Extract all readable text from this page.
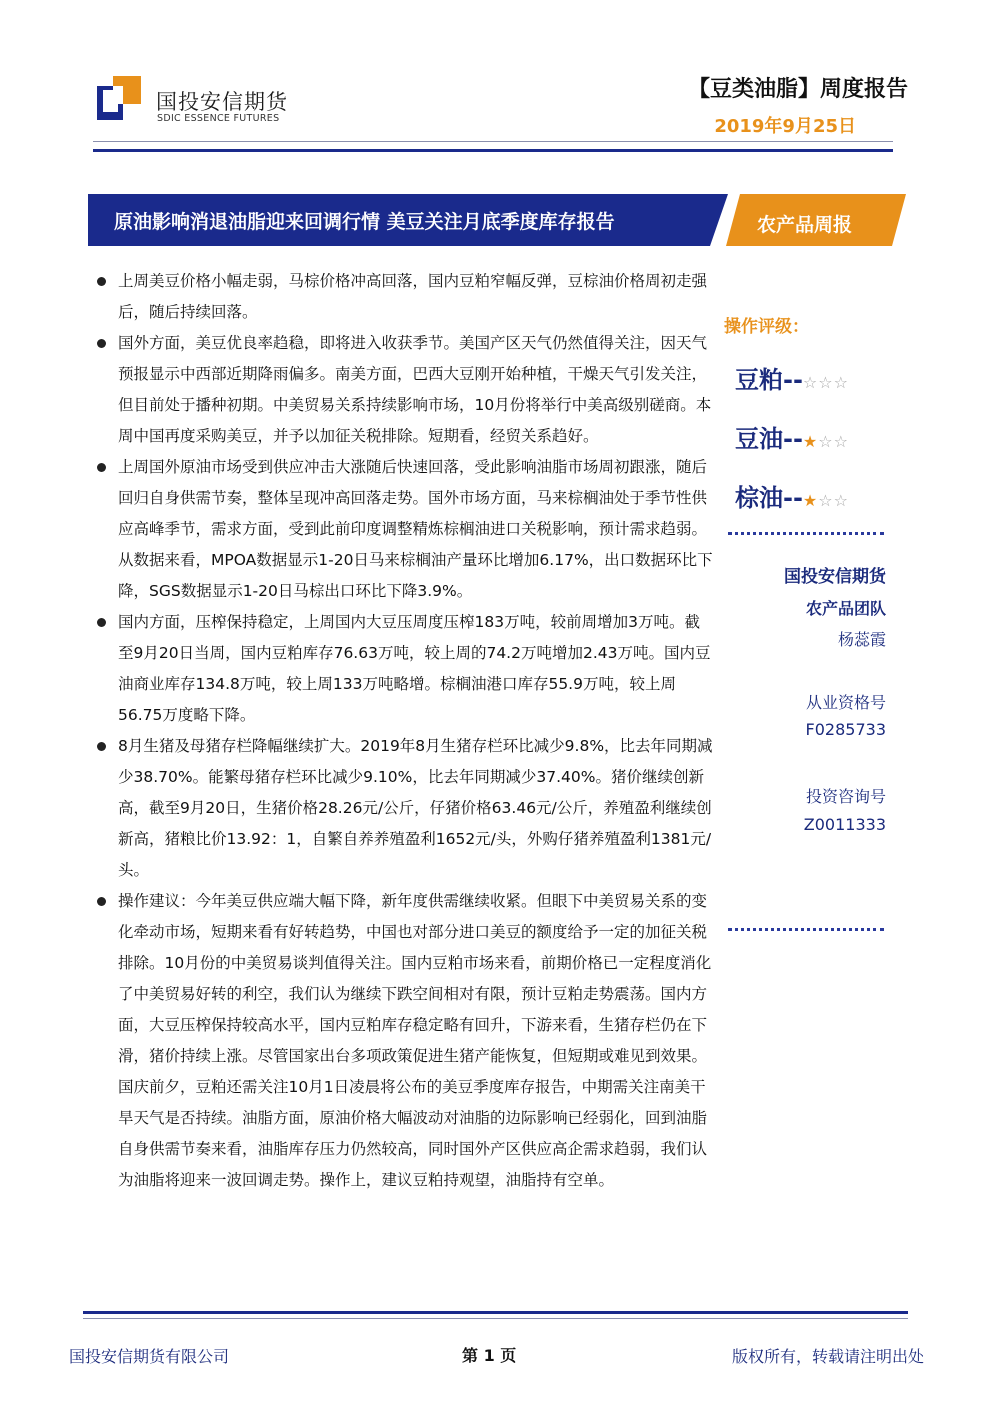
国投安信期货
SDIC ESSENCE FUTURES
【豆类油脂】周度报告
2019年9月25日
原油影响消退油脂迎来回调行情 美豆关注月底季度库存报告	农产品周报
上周美豆价格小幅走弱，马棕价格冲高回落，国内豆粕窄幅反弹，豆棕油价格周初走强后，随后持续回落。
国外方面，美豆优良率趋稳，即将进入收获季节。美国产区天气仍然值得关注，因天气预报显示中西部近期降雨偏多。南美方面，巴西大豆刚开始种植，干燥天气引发关注，但目前处于播种初期。中美贸易关系持续影响市场，10月份将举行中美高级别磋商。本周中国再度采购美豆，并予以加征关税排除。短期看，经贸关系趋好。
上周国外原油市场受到供应冲击大涨随后快速回落，受此影响油脂市场周初跟涨，随后回归自身供需节奏，整体呈现冲高回落走势。国外市场方面，马来棕榈油处于季节性供应高峰季节，需求方面，受到此前印度调整精炼棕榈油进口关税影响，预计需求趋弱。从数据来看，MPOA数据显示1-20日马来棕榈油产量环比增加6.17%，出口数据环比下降，SGS数据显示1-20日马棕出口环比下降3.9%。
国内方面，压榨保持稳定，上周国内大豆压周度压榨183万吨，较前周增加3万吨。截至9月20日当周，国内豆粕库存76.63万吨，较上周的74.2万吨增加2.43万吨。国内豆油商业库存134.8万吨，较上周133万吨略增。棕榈油港口库存55.9万吨，较上周56.75万度略下降。
8月生猪及母猪存栏降幅继续扩大。2019年8月生猪存栏环比减少9.8%，比去年同期减少38.70%。能繁母猪存栏环比减少9.10%，比去年同期减少37.40%。猪价继续创新高，截至9月20日，生猪价格28.26元/公斤，仔猪价格63.46元/公斤，养殖盈利继续创新高，猪粮比价13.92：1，自繁自养养殖盈利1652元/头，外购仔猪养殖盈利1381元/头。
操作建议：今年美豆供应端大幅下降，新年度供需继续收紧。但眼下中美贸易关系的变化牵动市场，短期来看有好转趋势，中国也对部分进口美豆的额度给予一定的加征关税排除。10月份的中美贸易谈判值得关注。国内豆粕市场来看，前期价格已一定程度消化了中美贸易好转的利空，我们认为继续下跌空间相对有限，预计豆粕走势震荡。国内方面，大豆压榨保持较高水平，国内豆粕库存稳定略有回升，下游来看，生猪存栏仍在下滑，猪价持续上涨。尽管国家出台多项政策促进生猪产能恢复，但短期或难见到效果。国庆前夕，豆粕还需关注10月1日凌晨将公布的美豆季度库存报告，中期需关注南美干旱天气是否持续。油脂方面，原油价格大幅波动对油脂的边际影响已经弱化，回到油脂自身供需节奏来看，油脂库存压力仍然较高，同时国外产区供应高企需求趋弱，我们认为油脂将迎来一波回调走势。操作上，建议豆粕持观望，油脂持有空单。
操作评级：
豆粕--☆☆☆
豆油--★☆☆
棕油--★☆☆
国投安信期货
农产品团队
杨蕊霞
从业资格号
F0285733
投资咨询号
Z0011333
国投安信期货有限公司	第 1 页	版权所有，转载请注明出处
